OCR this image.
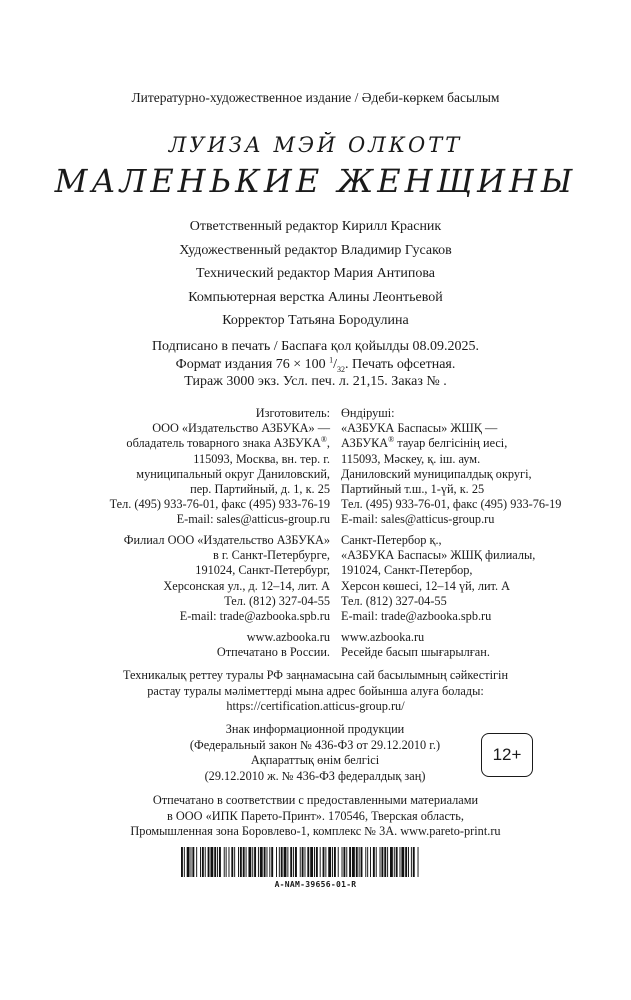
Литературно-художественное издание / Әдеби-көркем басылым
ЛУИЗА МЭЙ ОЛКОТТ
МАЛЕНЬКИЕ ЖЕНЩИНЫ
Ответственный редактор Кирилл Красник
Художественный редактор Владимир Гусаков
Технический редактор Мария Антипова
Компьютерная верстка Алины Леонтьевой
Корректор Татьяна Бородулина
Подписано в печать / Баспаға қол қойылды 08.09.2025.
Формат издания 76 × 100 $^1/_{32}$. Печать офсетная.
Тираж 3000 экз. Усл. печ. л. 21,15. Заказ № .
Изготовитель:
ООО «Издательство АЗБУКА» —
обладатель товарного знака АЗБУКА®,
115093, Москва, вн. тер. г.
муниципальный округ Даниловский,
пер. Партийный, д. 1, к. 25
Тел. (495) 933-76-01, факс (495) 933-76-19
E-mail: sales@atticus-group.ru
Өндіруші:
«АЗБУКА Баспасы» ЖШҚ —
АЗБУКА® тауар белгісінің иесі,
115093, Мәскеу, қ. іш. аум.
Даниловский муниципалдық округі,
Партийный т.ш., 1-үй, к. 25
Тел. (495) 933-76-01, факс (495) 933-76-19
E-mail: sales@atticus-group.ru
Филиал ООО «Издательство АЗБУКА»
в г. Санкт-Петербурге,
191024, Санкт-Петербург,
Херсонская ул., д. 12–14, лит. А
Тел. (812) 327-04-55
E-mail: trade@azbooka.spb.ru
Санкт-Петербор қ.,
«АЗБУКА Баспасы» ЖШҚ филиалы,
191024, Санкт-Петербор,
Херсон көшесі, 12–14 үй, лит. А
Тел. (812) 327-04-55
E-mail: trade@azbooka.spb.ru
www.azbooka.ru
Отпечатано в России.
www.azbooka.ru
Ресейде басып шығарылған.
Техникалық реттеу туралы РФ заңнамасына сай басылымның сәйкестігін
растау туралы мәліметтерді мына адрес бойынша алуға болады:
https://certification.atticus-group.ru/
Знак информационной продукции
(Федеральный закон № 436-ФЗ от 29.12.2010 г.)
Ақпараттық өнім белгісі
(29.12.2010 ж. № 436-ФЗ федералдық заң)
12+
Отпечатано в соответствии с предоставленными материалами
в ООО «ИПК Парето-Принт». 170546, Тверская область,
Промышленная зона Боровлево-1, комплекс № 3А. www.pareto-print.ru
A-NAM-39656-01-R
